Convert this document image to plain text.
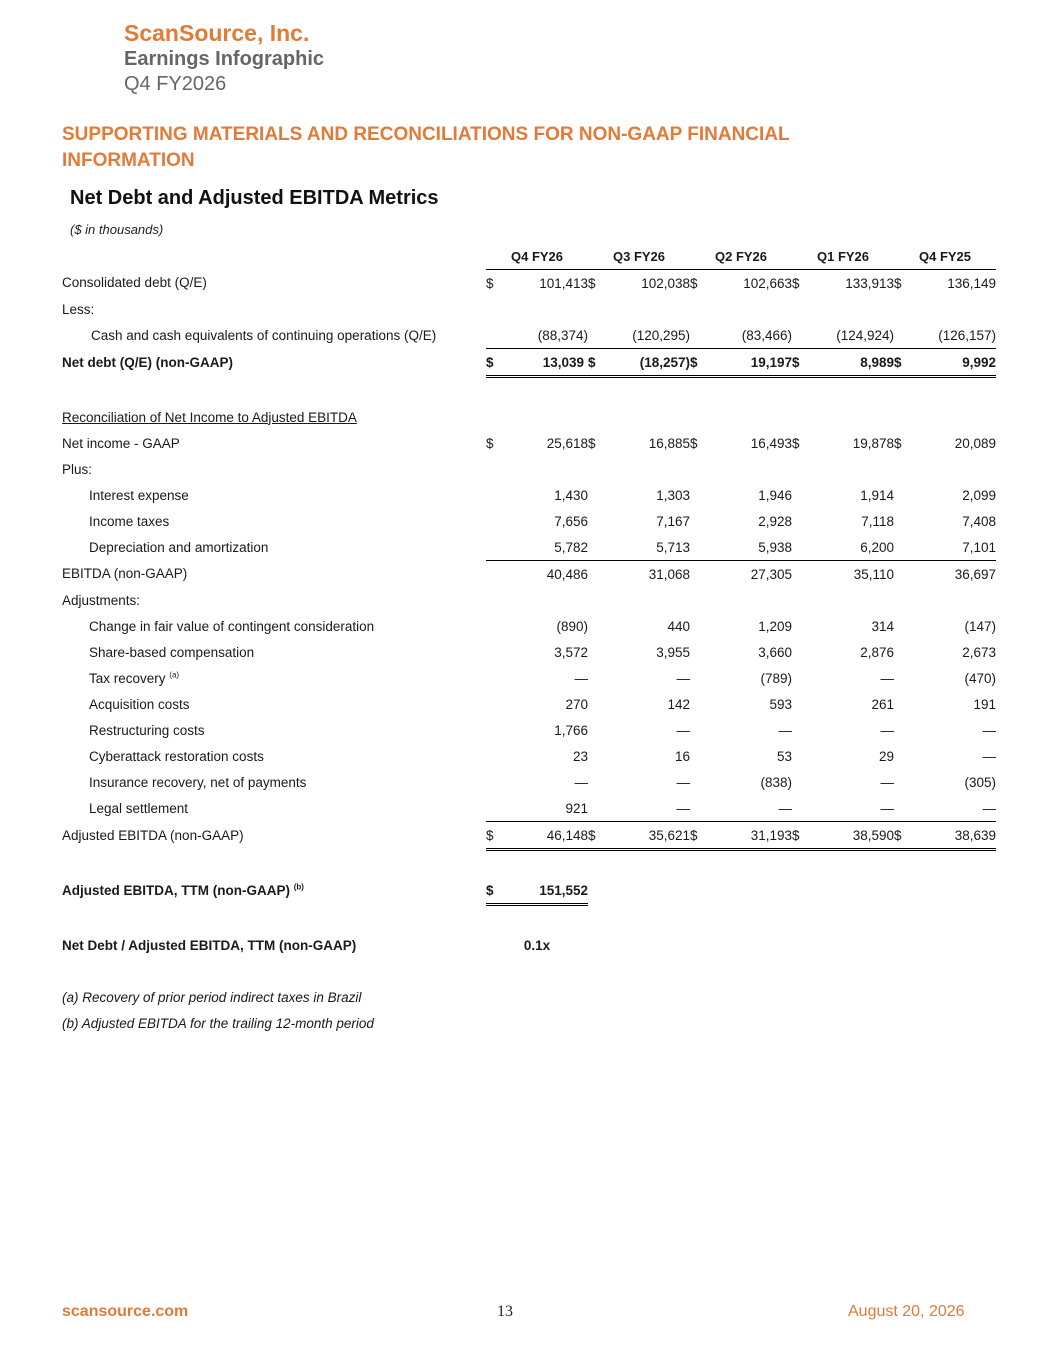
ScanSource, Inc.
Earnings Infographic
Q4 FY2026
SUPPORTING MATERIALS AND RECONCILIATIONS FOR NON-GAAP FINANCIAL INFORMATION
Net Debt and Adjusted EBITDA Metrics
($ in thousands)
		Q4 FY26		Q3 FY26		Q2 FY26		Q1 FY26		Q4 FY25	
Consolidated debt (Q/E)		$	101,413	$	102,038	$	102,663	$	133,913	$	136,149
Less:											
Cash and cash equivalents of continuing operations (Q/E)			(88,374)		(120,295)		(83,466)		(124,924)		(126,157)
Net debt (Q/E) (non-GAAP)		$	13,039	$	(18,257)	$	19,197	$	8,989	$	9,992

Reconciliation of Net Income to Adjusted EBITDA											
Net income - GAAP		$	25,618	$	16,885	$	16,493	$	19,878	$	20,089
Plus:											
Interest expense			1,430		1,303		1,946		1,914		2,099
Income taxes			7,656		7,167		2,928		7,118		7,408
Depreciation and amortization			5,782		5,713		5,938		6,200		7,101
EBITDA (non-GAAP)			40,486		31,068		27,305		35,110		36,697
Adjustments:											
Change in fair value of contingent consideration			(890)		440		1,209		314		(147)
Share-based compensation			3,572		3,955		3,660		2,876		2,673
Tax recovery $^{(a)}$			—		—		(789)		—		(470)
Acquisition costs			270		142		593		261		191
Restructuring costs			1,766		—		—		—		—
Cyberattack restoration costs			23		16		53		29		—
Insurance recovery, net of payments			—		—		(838)		—		(305)
Legal settlement			921		—		—		—		—
Adjusted EBITDA (non-GAAP)		$	46,148	$	35,621	$	31,193	$	38,590	$	38,639

Adjusted EBITDA, TTM (non-GAAP) $^{(b)}$		$	151,552								

Net Debt / Adjusted EBITDA, TTM (non-GAAP)		0.1x									

(a) Recovery of prior period indirect taxes in Brazil											
(b) Adjusted EBITDA for the trailing 12-month period											
scansource.com	13	August 20, 2026
